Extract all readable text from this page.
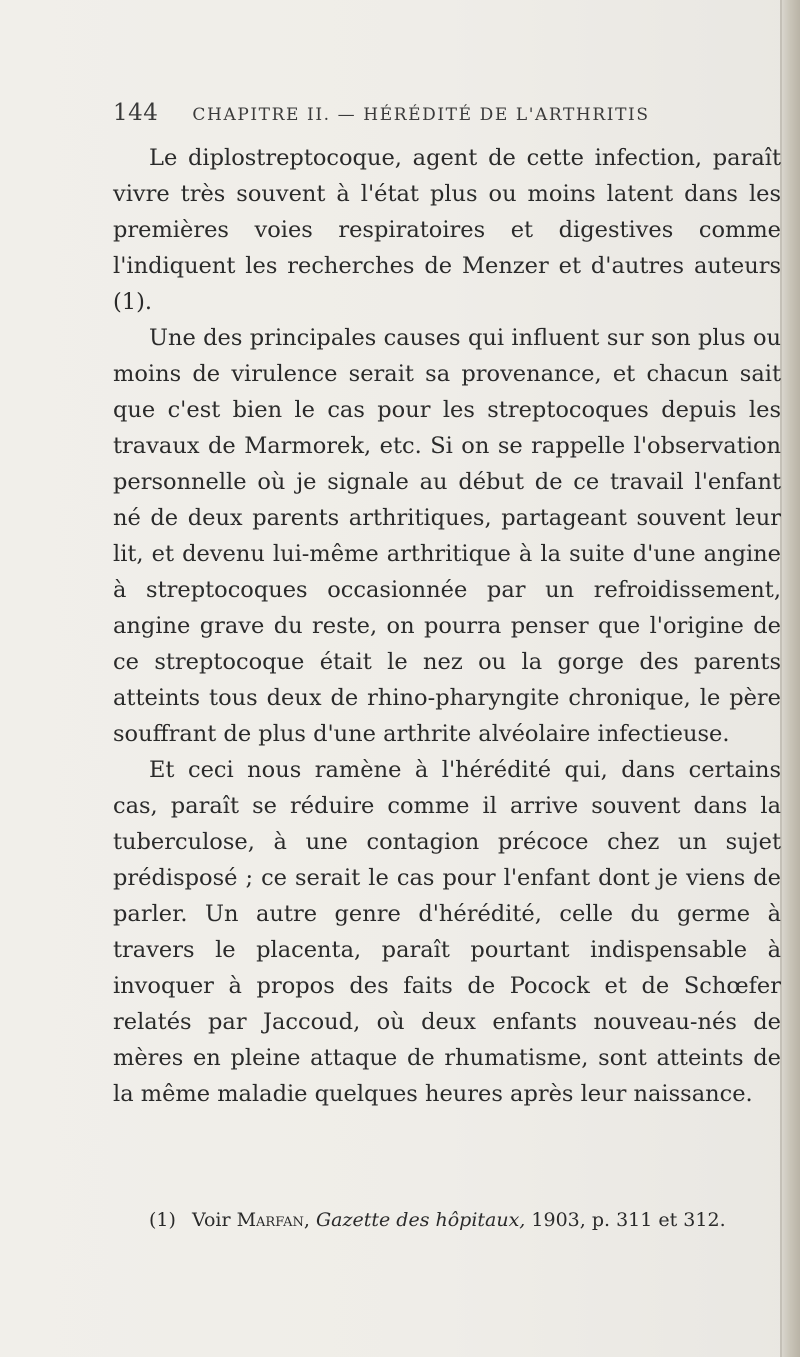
144 CHAPITRE II. — HÉRÉDITÉ DE L'ARTHRITIS

Le diplostreptocoque, agent de cette infection, paraît vivre très souvent à l'état plus ou moins latent dans les premières voies respiratoires et digestives comme l'indiquent les recherches de Menzer et d'autres auteurs (1).

Une des principales causes qui influent sur son plus ou moins de virulence serait sa provenance, et chacun sait que c'est bien le cas pour les streptocoques depuis les travaux de Marmorek, etc. Si on se rappelle l'observation personnelle où je signale au début de ce travail l'enfant né de deux parents arthritiques, partageant souvent leur lit, et devenu lui-même arthritique à la suite d'une angine à streptocoques occasionnée par un refroidissement, angine grave du reste, on pourra penser que l'origine de ce streptocoque était le nez ou la gorge des parents atteints tous deux de rhino-pharyngite chronique, le père souffrant de plus d'une arthrite alvéolaire infectieuse.

Et ceci nous ramène à l'hérédité qui, dans certains cas, paraît se réduire comme il arrive souvent dans la tuberculose, à une contagion précoce chez un sujet prédisposé ; ce serait le cas pour l'enfant dont je viens de parler. Un autre genre d'hérédité, celle du germe à travers le placenta, paraît pourtant indispensable à invoquer à propos des faits de Pocock et de Schœfer relatés par Jaccoud, où deux enfants nouveau-nés de mères en pleine attaque de rhumatisme, sont atteints de la même maladie quelques heures après leur naissance.

(1) Voir Marfan, Gazette des hôpitaux, 1903, p. 311 et 312.
